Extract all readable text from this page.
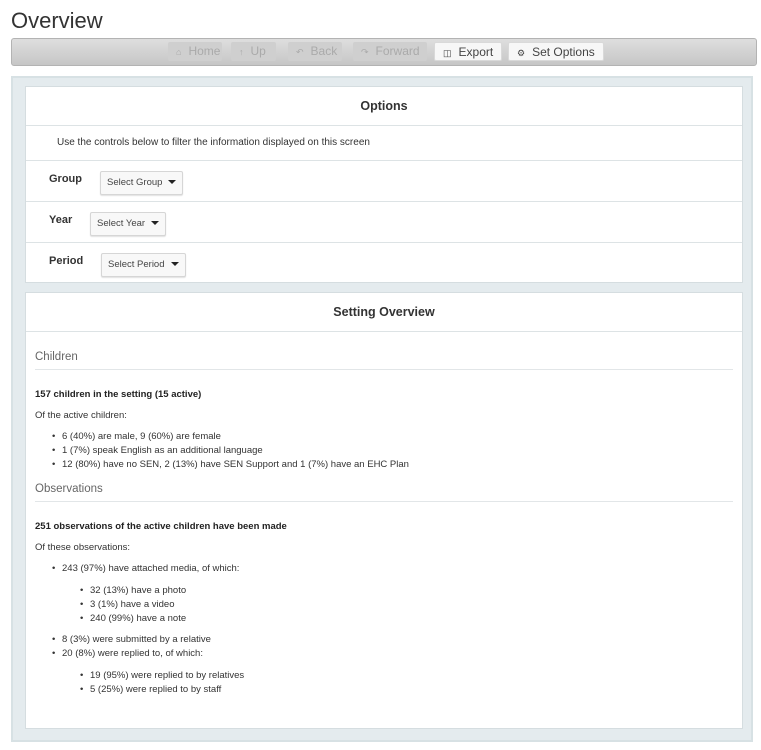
Overview
⌂ Home	↑ Up	↶ Back	↷ Forward	◫ Export	⚙ Set Options
Options
Use the controls below to filter the information displayed on this screen
Group	Select Group
Year	Select Year
Period	Select Period
Setting Overview
Children
157 children in the setting (15 active)
Of the active children:
• 6 (40%) are male, 9 (60%) are female
• 1 (7%) speak English as an additional language
• 12 (80%) have no SEN, 2 (13%) have SEN Support and 1 (7%) have an EHC Plan
Observations
251 observations of the active children have been made
Of these observations:
• 243 (97%) have attached media, of which:
• 32 (13%) have a photo
• 3 (1%) have a video
• 240 (99%) have a note
• 8 (3%) were submitted by a relative
• 20 (8%) were replied to, of which:
• 19 (95%) were replied to by relatives
• 5 (25%) were replied to by staff
